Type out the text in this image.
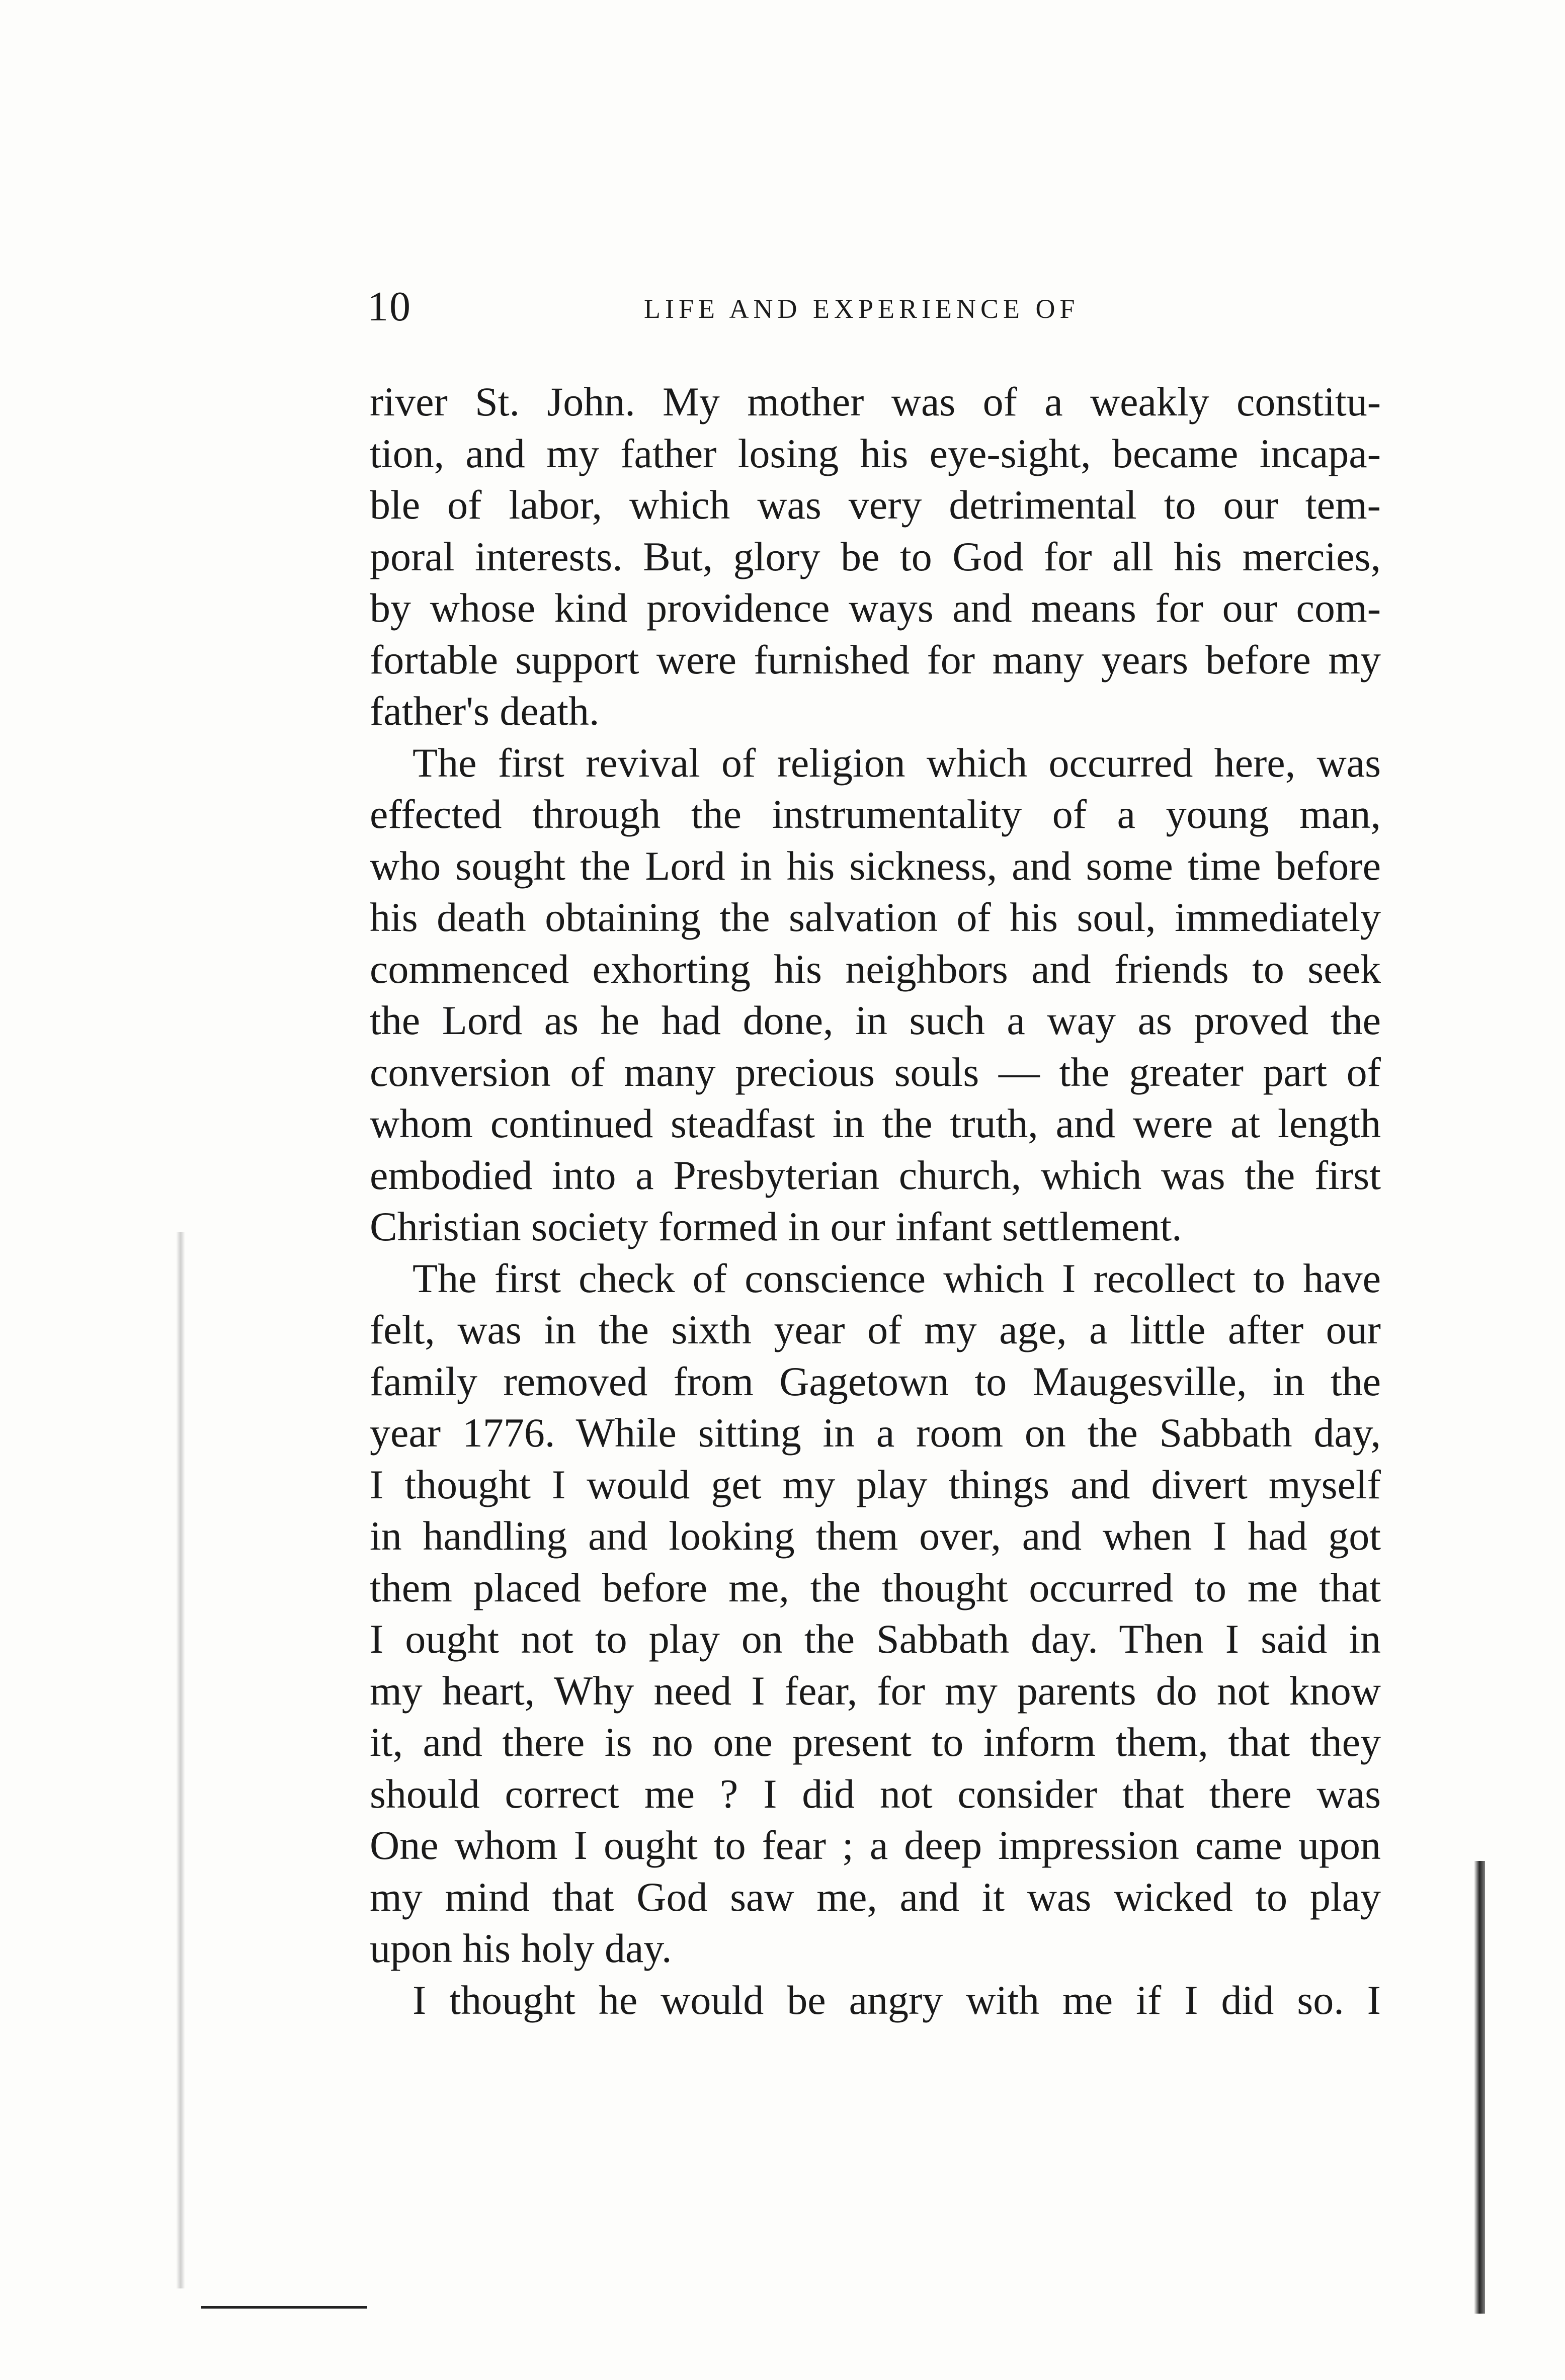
10	LIFE AND EXPERIENCE OF
river St. John. My mother was of a weakly constitu-
tion, and my father losing his eye-sight, became incapa-
ble of labor, which was very detrimental to our tem-
poral interests. But, glory be to God for all his mercies,
by whose kind providence ways and means for our com-
fortable support were furnished for many years before my
father's death.
The first revival of religion which occurred here, was
effected through the instrumentality of a young man,
who sought the Lord in his sickness, and some time before
his death obtaining the salvation of his soul, immediately
commenced exhorting his neighbors and friends to seek
the Lord as he had done, in such a way as proved the
conversion of many precious souls — the greater part of
whom continued steadfast in the truth, and were at length
embodied into a Presbyterian church, which was the first
Christian society formed in our infant settlement.
The first check of conscience which I recollect to have
felt, was in the sixth year of my age, a little after our
family removed from Gagetown to Maugesville, in the
year 1776. While sitting in a room on the Sabbath day,
I thought I would get my play things and divert myself
in handling and looking them over, and when I had got
them placed before me, the thought occurred to me that
I ought not to play on the Sabbath day. Then I said in
my heart, Why need I fear, for my parents do not know
it, and there is no one present to inform them, that they
should correct me ? I did not consider that there was
One whom I ought to fear ; a deep impression came upon
my mind that God saw me, and it was wicked to play
upon his holy day.
I thought he would be angry with me if I did so. I
